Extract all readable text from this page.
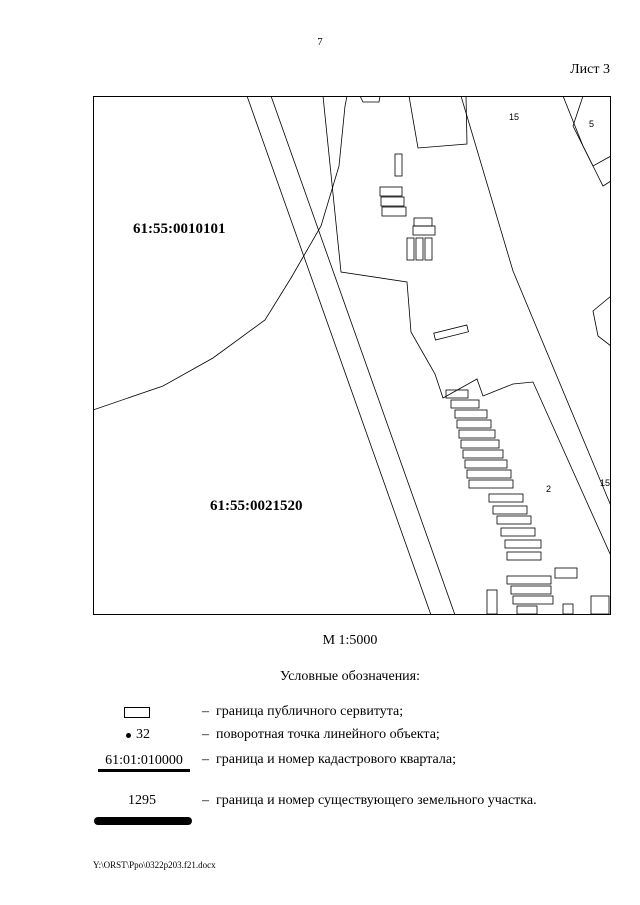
7
Лист 3
15
5
2
15
61:55:0010101
61:55:0021520
М 1:5000
Условные обозначения:
– граница публичного сервитута;
32	– поворотная точка линейного объекта;
61:01:010000	– граница и номер кадастрового квартала;
1295	– граница и номер существующего земельного участка.
Y:\ORST\Ppo\0322p203.f21.docx
